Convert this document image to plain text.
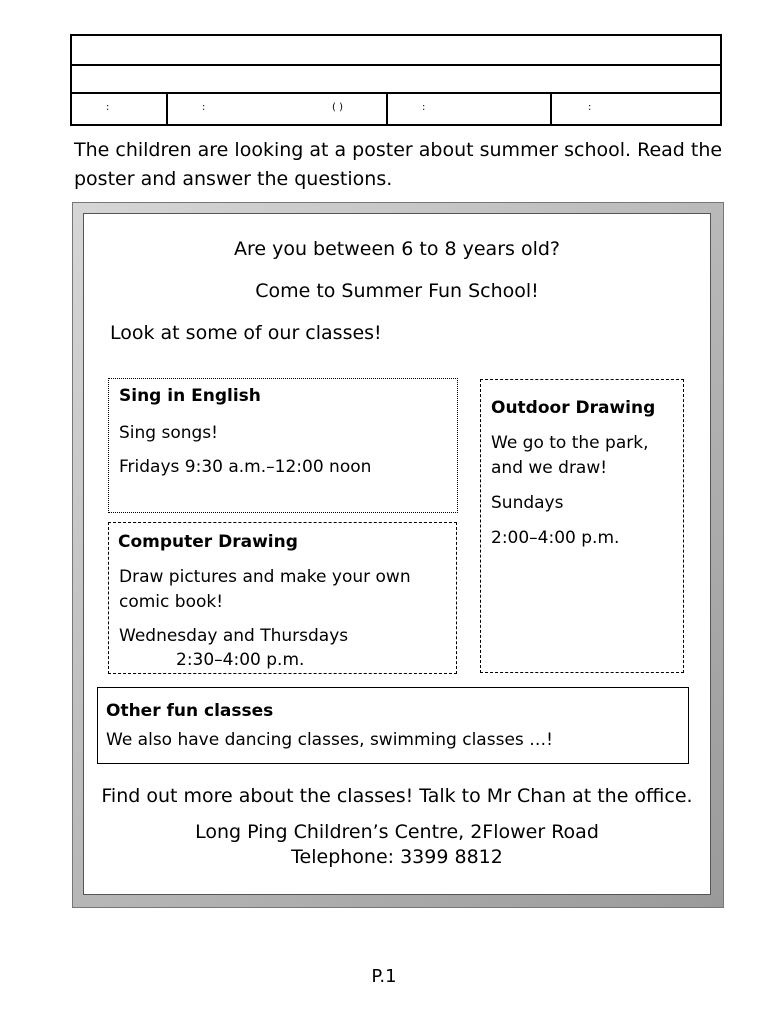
:	:	( )	:	:
The children are looking at a poster about summer school. Read the poster and answer the questions.
Are you between 6 to 8 years old?
Come to Summer Fun School!
Look at some of our classes!
Sing in English
Sing songs!
Fridays 9:30 a.m.–12:00 noon
Outdoor Drawing
We go to the park,
and we draw!
Sundays
2:00–4:00 p.m.
Computer Drawing
Draw pictures and make your own
comic book!
Wednesday and Thursdays
2:30–4:00 p.m.
Other fun classes
We also have dancing classes, swimming classes …!
Find out more about the classes! Talk to Mr Chan at the office.
Long Ping Children’s Centre, 2Flower Road
Telephone: 3399 8812
P.1
